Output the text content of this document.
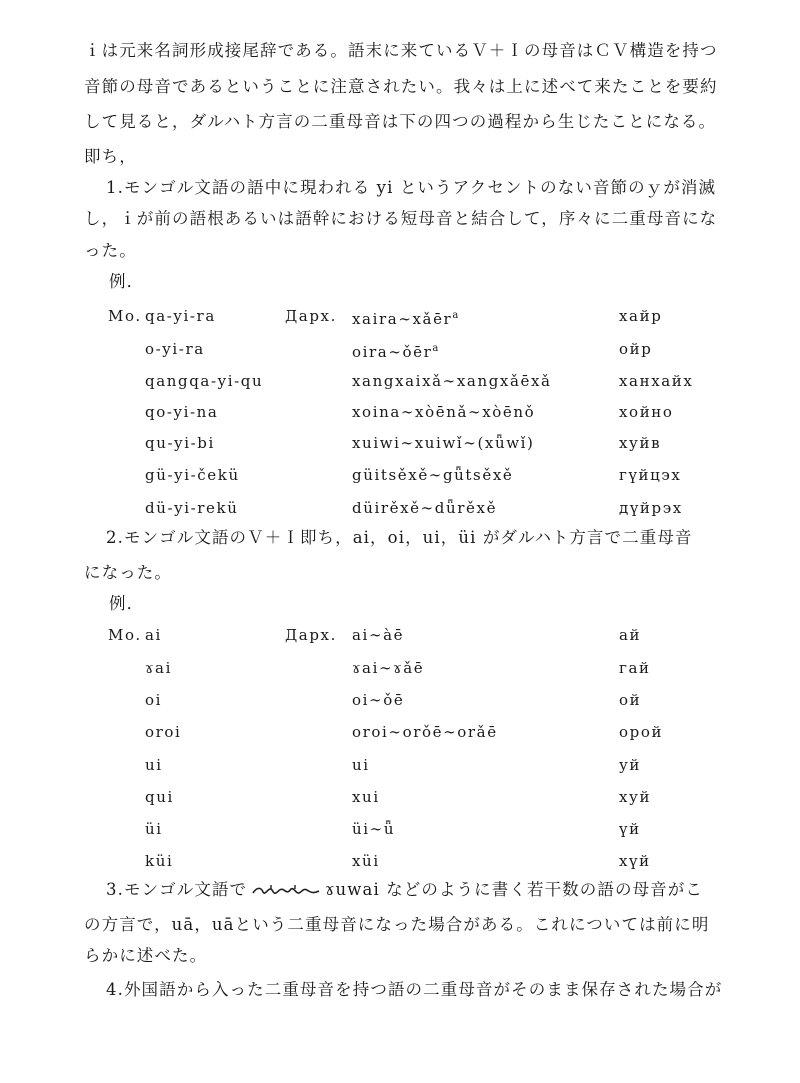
ｉは元来名詞形成接尾辞である。語末に来ているＶ＋Ｉの母音はＣＶ構造を持つ
音節の母音であるということに注意されたい。我々は上に述べて来たことを要約
して見ると，ダルハト方言の二重母音は下の四つの過程から生じたことになる。
即ち，
1.モンゴル文語の語中に現われる yi というアクセントのない音節のｙが消滅
し，ｉが前の語根あるいは語幹における短母音と結合して，序々に二重母音にな
った。
例．
Mo. qa-yi-ra	Дарх. xaira∼xǎēr$^a$	хайр
o-yi-ra	oira∼ǒēr$^a$	ойр
qangqa-yi-qu	xangxaixǎ∼xangxǎēxǎ	ханхайх
qo-yi-na	xoina∼xòēnǎ∼xòēnǒ	хойно
qu-yi-bi	xuiwi∼xuiwǐ∼(xǖwǐ)	хуйв
gü-yi-čekü	güitsěxě∼gǖtsěxě	гүйцэх
dü-yi-rekü	düirěxě∼dǖrěxě	дүйрэх
2.モンゴル文語のＶ＋Ｉ即ち，ai，oi，ui，üi がダルハト方言で二重母音
になった。
例．
Mo. ai	Дарх. ai∼àē	ай
ɤai	ɤai∼ɤǎē	гай
oi	oi∼ǒē	ой
oroi	oroi∼orǒē∼orǎē	орой
ui	ui	уй
qui	xui	хуй
üi	üi∼ǖ	үй
küi	xüi	хүй
3.モンゴル文語で	ɤuwai などのように書く若干数の語の母音がこ
の方言で，uā，uāという二重母音になった場合がある。これについては前に明
らかに述べた。
4.外国語から入った二重母音を持つ語の二重母音がそのまま保存された場合が
